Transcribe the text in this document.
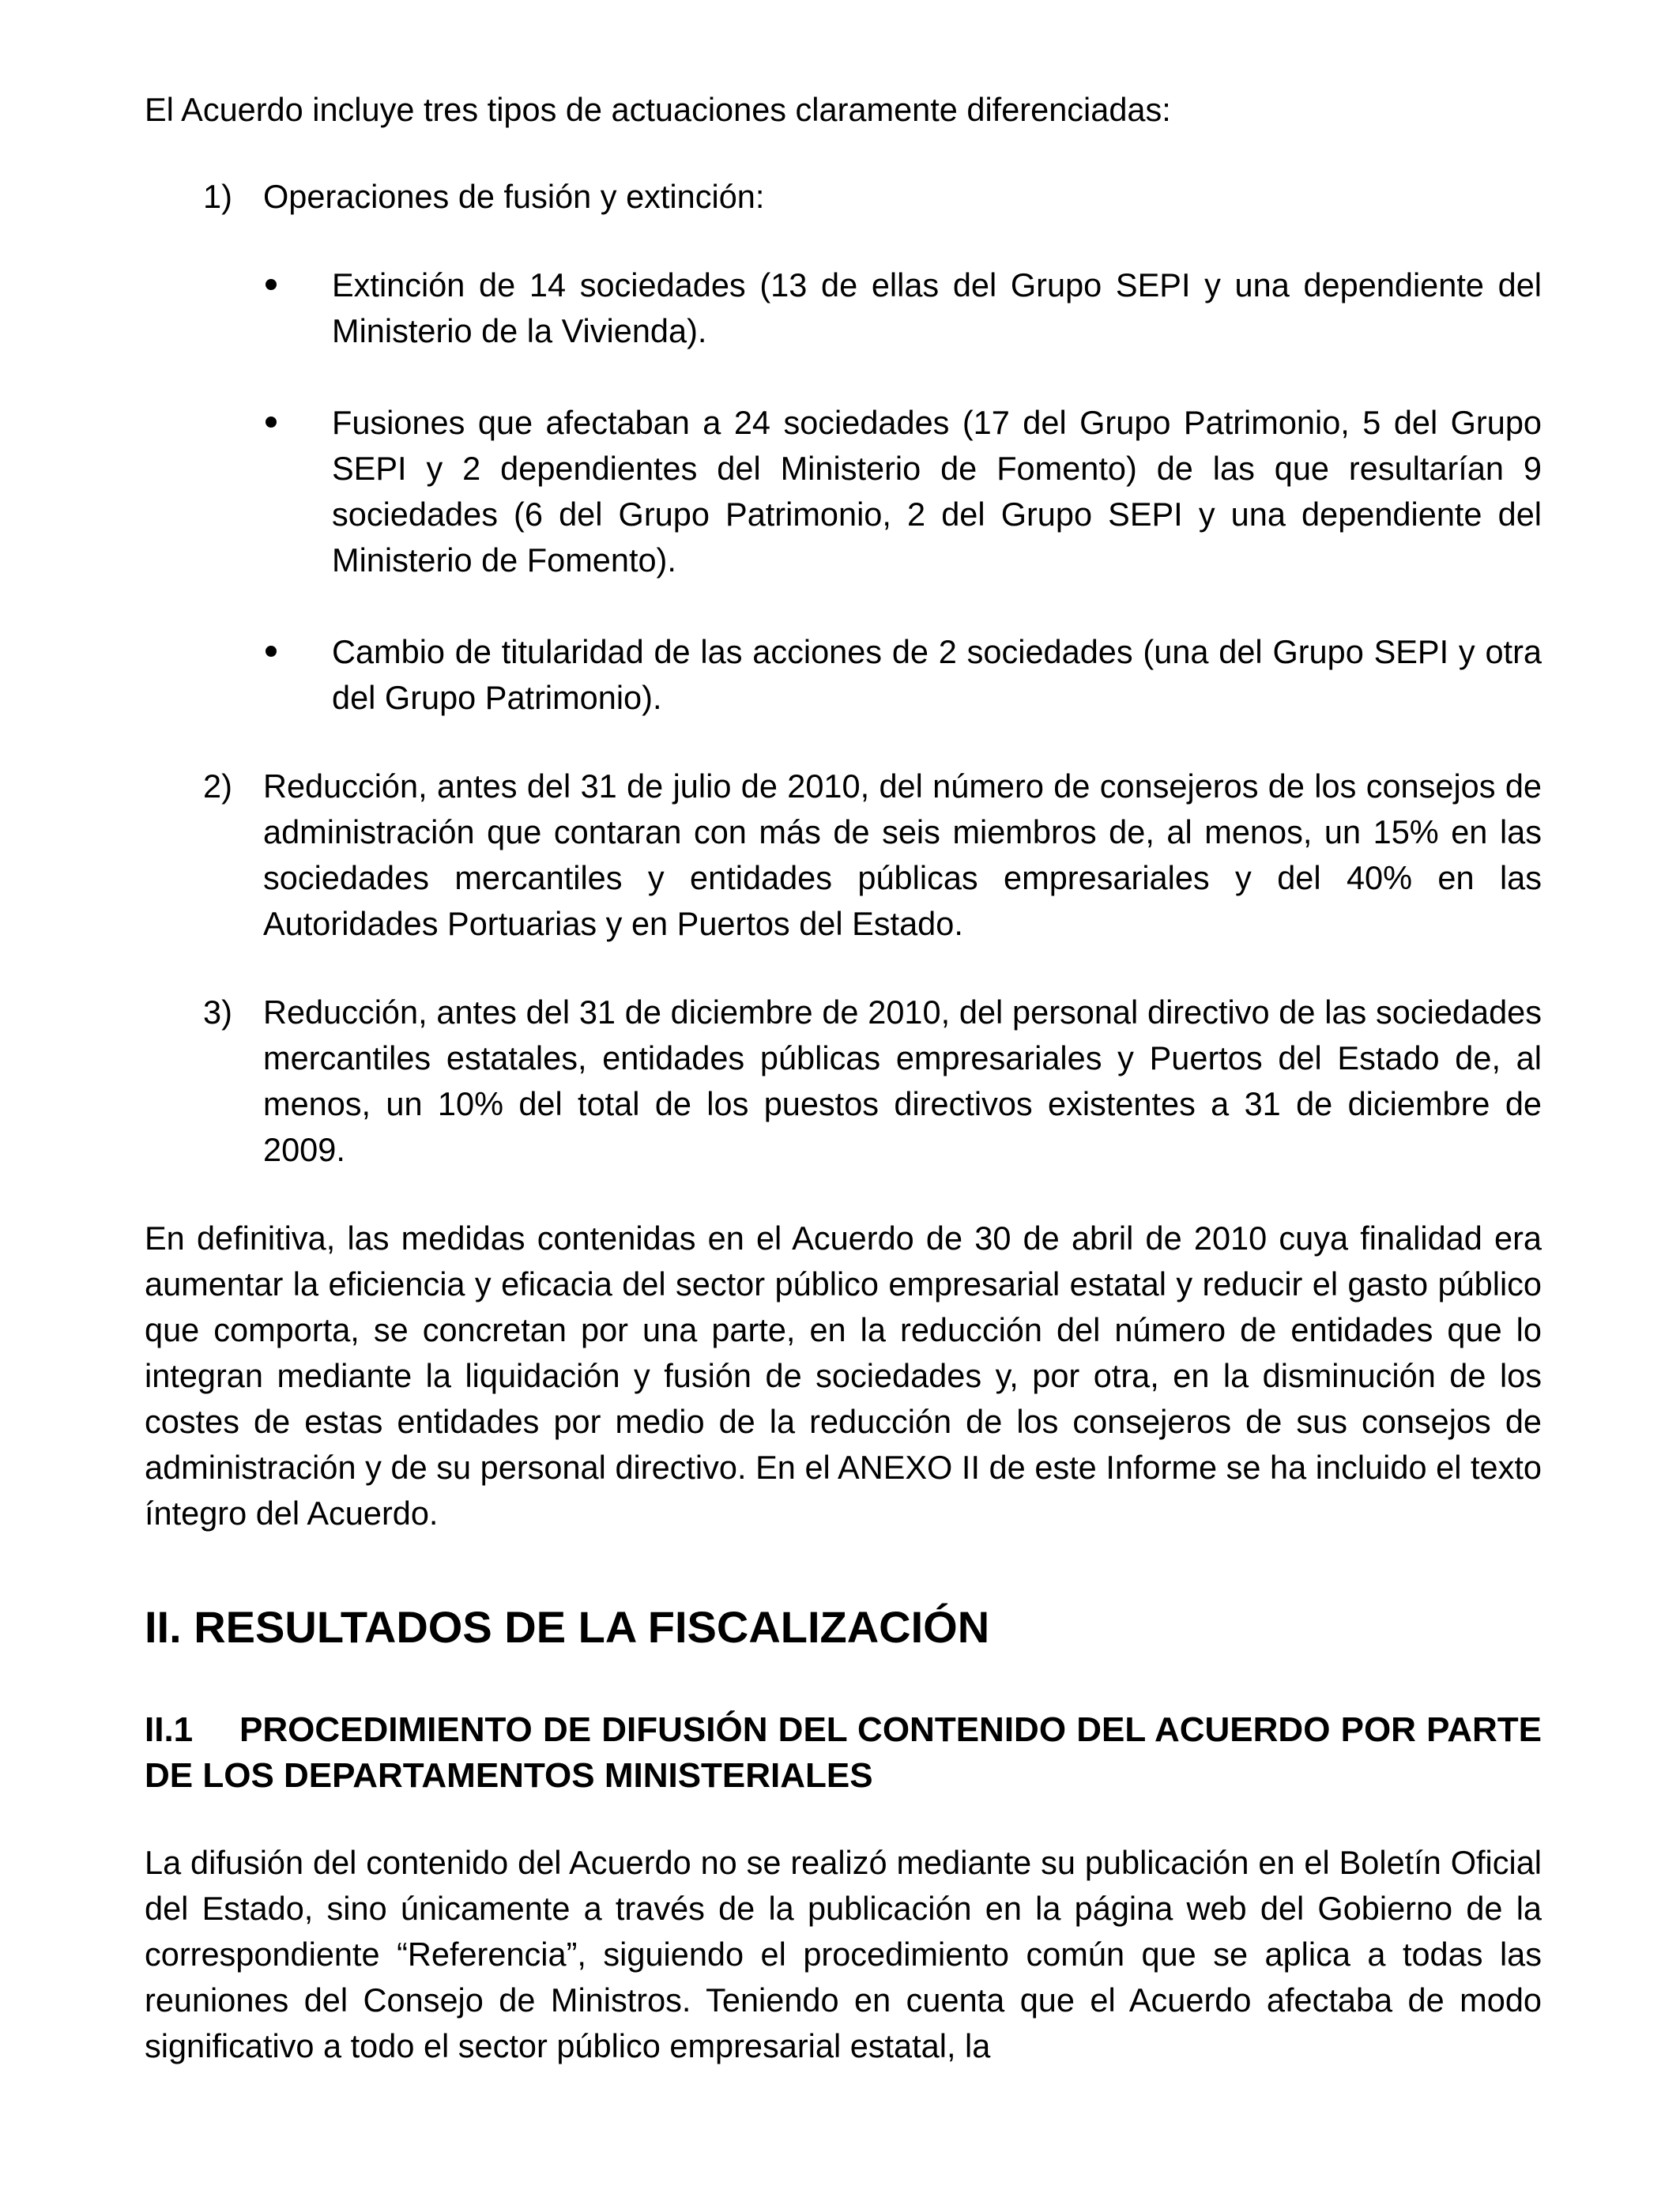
El Acuerdo incluye tres tipos de actuaciones claramente diferenciadas:

1) Operaciones de fusión y extinción:
Extinción de 14 sociedades (13 de ellas del Grupo SEPI y una dependiente del Ministerio de la Vivienda).
Fusiones que afectaban a 24 sociedades (17 del Grupo Patrimonio, 5 del Grupo SEPI y 2 dependientes del Ministerio de Fomento) de las que resultarían 9 sociedades (6 del Grupo Patrimonio, 2 del Grupo SEPI y una dependiente del Ministerio de Fomento).
Cambio de titularidad de las acciones de 2 sociedades (una del Grupo SEPI y otra del Grupo Patrimonio).
2) Reducción, antes del 31 de julio de 2010, del número de consejeros de los consejos de administración que contaran con más de seis miembros de, al menos, un 15% en las sociedades mercantiles y entidades públicas empresariales y del 40% en las Autoridades Portuarias y en Puertos del Estado.
3) Reducción, antes del 31 de diciembre de 2010, del personal directivo de las sociedades mercantiles estatales, entidades públicas empresariales y Puertos del Estado de, al menos, un 10% del total de los puestos directivos existentes a 31 de diciembre de 2009.

En definitiva, las medidas contenidas en el Acuerdo de 30 de abril de 2010 cuya finalidad era aumentar la eficiencia y eficacia del sector público empresarial estatal y reducir el gasto público que comporta, se concretan por una parte, en la reducción del número de entidades que lo integran mediante la liquidación y fusión de sociedades y, por otra, en la disminución de los costes de estas entidades por medio de la reducción de los consejeros de sus consejos de administración y de su personal directivo. En el ANEXO II de este Informe se ha incluido el texto íntegro del Acuerdo.

II. RESULTADOS DE LA FISCALIZACIÓN
II.1 PROCEDIMIENTO DE DIFUSIÓN DEL CONTENIDO DEL ACUERDO POR PARTE DE LOS DEPARTAMENTOS MINISTERIALES

La difusión del contenido del Acuerdo no se realizó mediante su publicación en el Boletín Oficial del Estado, sino únicamente a través de la publicación en la página web del Gobierno de la correspondiente “Referencia”, siguiendo el procedimiento común que se aplica a todas las reuniones del Consejo de Ministros. Teniendo en cuenta que el Acuerdo afectaba de modo significativo a todo el sector público empresarial estatal, la
